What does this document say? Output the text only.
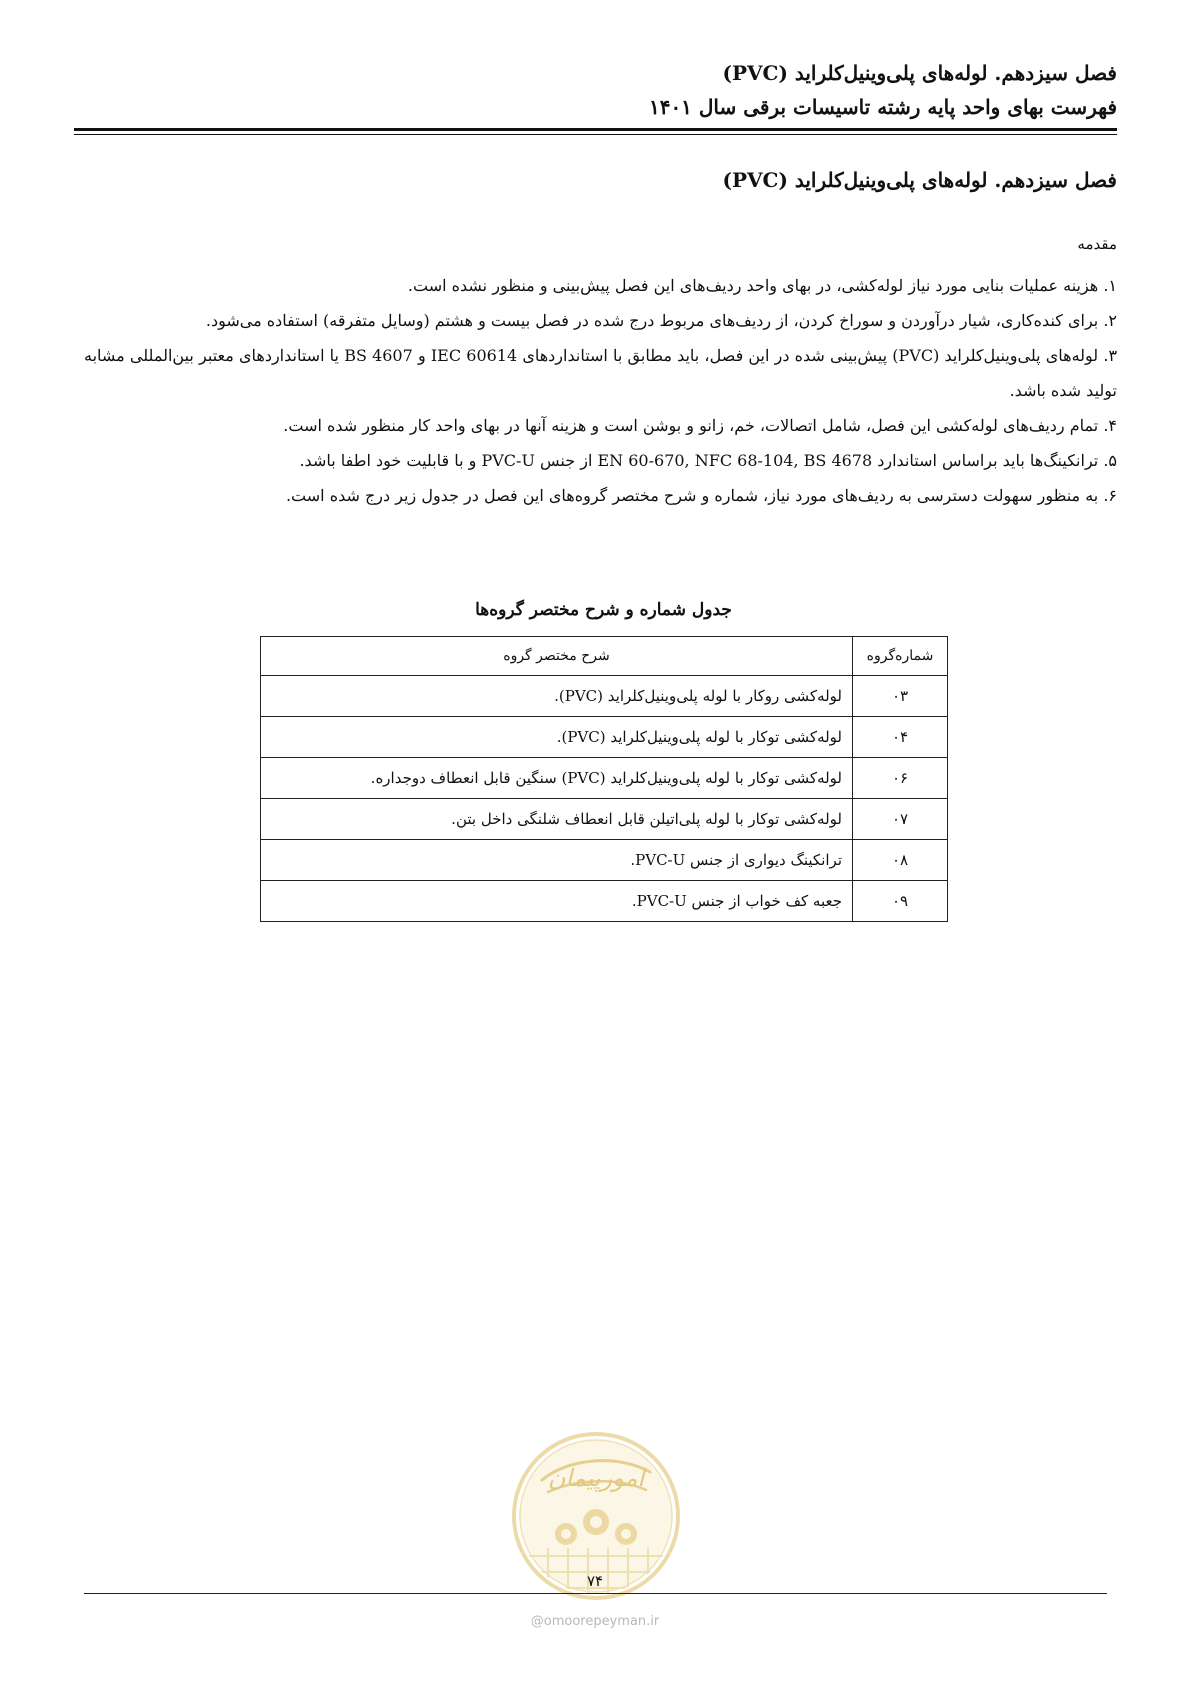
فصل سیزدهم. لوله‌های پلی‌وینیل‌کلراید (PVC)
فهرست بهای واحد پایه رشته تاسیسات برقی سال ۱۴۰۱
فصل سیزدهم. لوله‌های پلی‌وینیل‌کلراید (PVC)
مقدمه

۱. هزینه عملیات بنایی مورد نیاز لوله‌کشی، در بهای واحد ردیف‌های این فصل پیش‌بینی و منظور نشده است.

۲. برای کنده‌کاری، شیار درآوردن و سوراخ کردن، از ردیف‌های مربوط درج شده در فصل بیست و هشتم (وسایل متفرقه) استفاده می‌شود.

۳. لوله‌های پلی‌وینیل‌کلراید (PVC) پیش‌بینی شده در این فصل، باید مطابق با استانداردهای IEC 60614 و BS 4607 یا استانداردهای معتبر بین‌المللی مشابه تولید شده باشد.

۴. تمام ردیف‌های لوله‌کشی این فصل، شامل اتصالات، خم، زانو و بوشن است و هزینه آنها در بهای واحد کار منظور شده است.

۵. ترانکینگ‌ها باید براساس استاندارد EN 60-670, NFC 68-104, BS 4678 از جنس PVC-U و با قابلیت خود اطفا باشد.

۶. به منظور سهولت دسترسی به ردیف‌های مورد نیاز، شماره و شرح مختصر گروه‌های این فصل در جدول زیر درج شده است.

جدول شماره و شرح مختصر گروه‌ها
شماره‌گروه	شرح مختصر گروه
۰۳	لوله‌کشی روکار با لوله پلی‌وینیل‌کلراید (PVC).
۰۴	لوله‌کشی توکار با لوله پلی‌وینیل‌کلراید (PVC).
۰۶	لوله‌کشی توکار با لوله پلی‌وینیل‌کلراید (PVC) سنگین قابل انعطاف دوجداره.
۰۷	لوله‌کشی توکار با لوله پلی‌اتیلن قابل انعطاف شلنگی داخل بتن.
۰۸	ترانکینگ دیواری از جنس PVC-U.
۰۹	جعبه کف خواب از جنس PVC-U.
امورپیمان
۷۴
@omoorepeyman.ir
